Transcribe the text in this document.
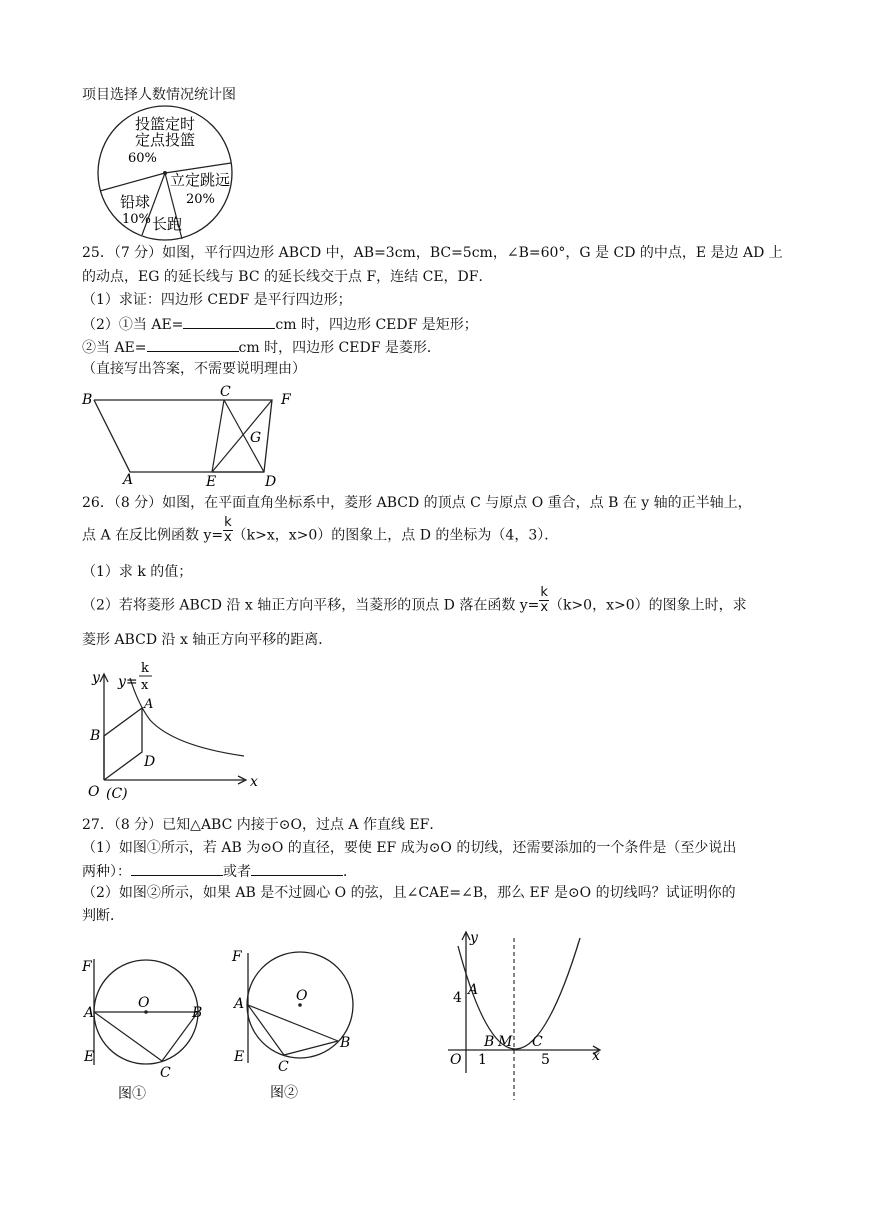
项目选择人数情况统计图
投篮定时
定点投篮
60%
立定跳远
20%
长跑
铅球
10%
25．（7 分）如图，平行四边形 ABCD 中，AB=3cm，BC=5cm，∠B=60°，G 是 CD 的中点，E 是边 AD 上
的动点，EG 的延长线与 BC 的延长线交于点 F，连结 CE，DF．
（1）求证：四边形 CEDF 是平行四边形；
（2）①当 AE=	cm 时，四边形 CEDF 是矩形；
②当 AE=	cm 时，四边形 CEDF 是菱形．
（直接写出答案，不需要说明理由）
B	C	F
G
A	E	D
26．（8 分）如图，在平面直角坐标系中，菱形 ABCD 的顶点 C 与原点 O 重合，点 B 在 y 轴的正半轴上，
点 A 在反比例函数 $y= \frac{k}{x} (k>x$，x>0）的图象上，点 D 的坐标为（4，3）．
（1）求 k 的值；
（2）若将菱形 ABCD 沿 x 轴正方向平移，当菱形的顶点 D 落在函数 $y= \frac{k}{x} (k>0$，x>0）的图象上时，求
菱形 ABCD 沿 x 轴正方向平移的距离．
y y=
k
x
A
B
D
O (C)
x
27．（8 分）已知△ABC 内接于⊙O，过点 A 作直线 EF．
（1）如图①所示，若 AB 为⊙O 的直径，要使 EF 成为⊙O 的切线，还需要添加的一个条件是（至少说出
两种）：	或者	．
（2）如图②所示，如果 AB 是不过圆心 O 的弦，且∠CAE=∠B，那么 EF 是⊙O 的切线吗？试证明你的
判断．
F
A
O
B
E
C
图①
F
A	O
B
E
C
图②
y
4 A
O 1
B M C
5	x
